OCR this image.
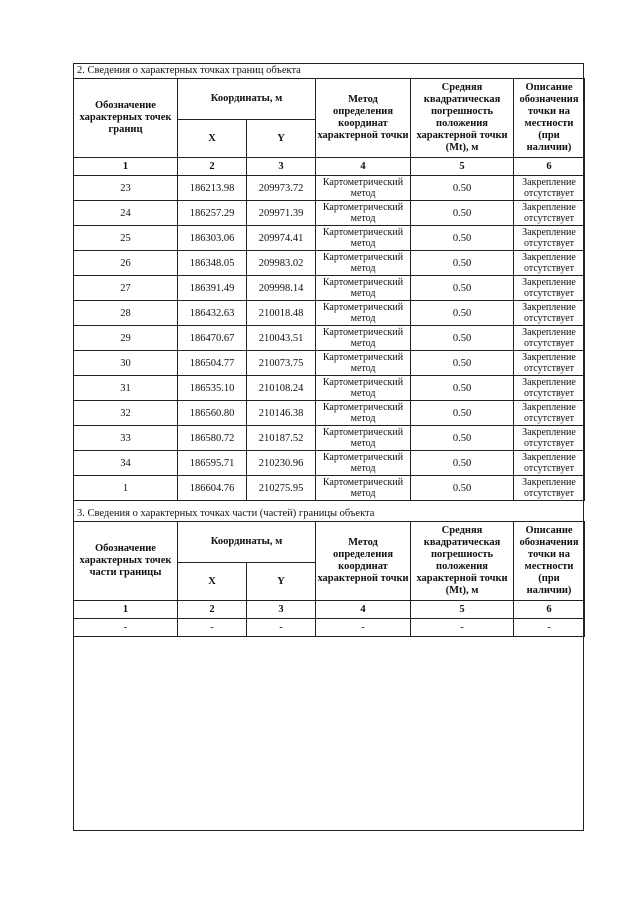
2. Сведения о характерных точках границ объекта
Обозначение характерных точек границ	Координаты, м		Метод определения координат характерной точки	Средняя квадратическая погрешность положения характерной точки (Mt), м	Описание обозначения точки на местности (при наличии)
	X	Y			
1	2	3	4	5	6
23	186213.98	209973.72	Картометрический метод	0.50	Закрепление отсутствует
24	186257.29	209971.39	Картометрический метод	0.50	Закрепление отсутствует
25	186303.06	209974.41	Картометрический метод	0.50	Закрепление отсутствует
26	186348.05	209983.02	Картометрический метод	0.50	Закрепление отсутствует
27	186391.49	209998.14	Картометрический метод	0.50	Закрепление отсутствует
28	186432.63	210018.48	Картометрический метод	0.50	Закрепление отсутствует
29	186470.67	210043.51	Картометрический метод	0.50	Закрепление отсутствует
30	186504.77	210073.75	Картометрический метод	0.50	Закрепление отсутствует
31	186535.10	210108.24	Картометрический метод	0.50	Закрепление отсутствует
32	186560.80	210146.38	Картометрический метод	0.50	Закрепление отсутствует
33	186580.72	210187.52	Картометрический метод	0.50	Закрепление отсутствует
34	186595.71	210230.96	Картометрический метод	0.50	Закрепление отсутствует
1	186604.76	210275.95	Картометрический метод	0.50	Закрепление отсутствует
3. Сведения о характерных точках части (частей) границы объекта
Обозначение характерных точек части границы	Координаты, м		Метод определения координат характерной точки	Средняя квадратическая погрешность положения характерной точки (Mt), м	Описание обозначения точки на местности (при наличии)
	X	Y			
1	2	3	4	5	6
-	-	-	-	-	-
